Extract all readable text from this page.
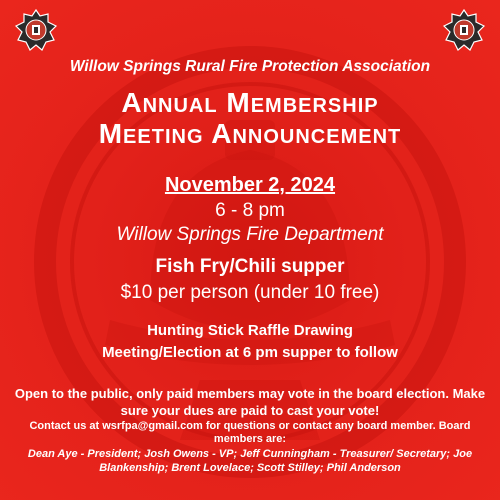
Willow Springs Rural Fire Protection Association
Annual Membership
Meeting Announcement
November 2, 2024
6 - 8 pm
Willow Springs Fire Department
Fish Fry/Chili supper
$10 per person (under 10 free)
Hunting Stick Raffle Drawing
Meeting/Election at 6 pm supper to follow
Open to the public, only paid members may vote in the board election. Make sure your dues are paid to cast your vote!
Contact us at wsrfpa@gmail.com for questions or contact any board member. Board members are:
Dean Aye - President; Josh Owens - VP; Jeff Cunningham - Treasurer/ Secretary; Joe Blankenship; Brent Lovelace; Scott Stilley; Phil Anderson
